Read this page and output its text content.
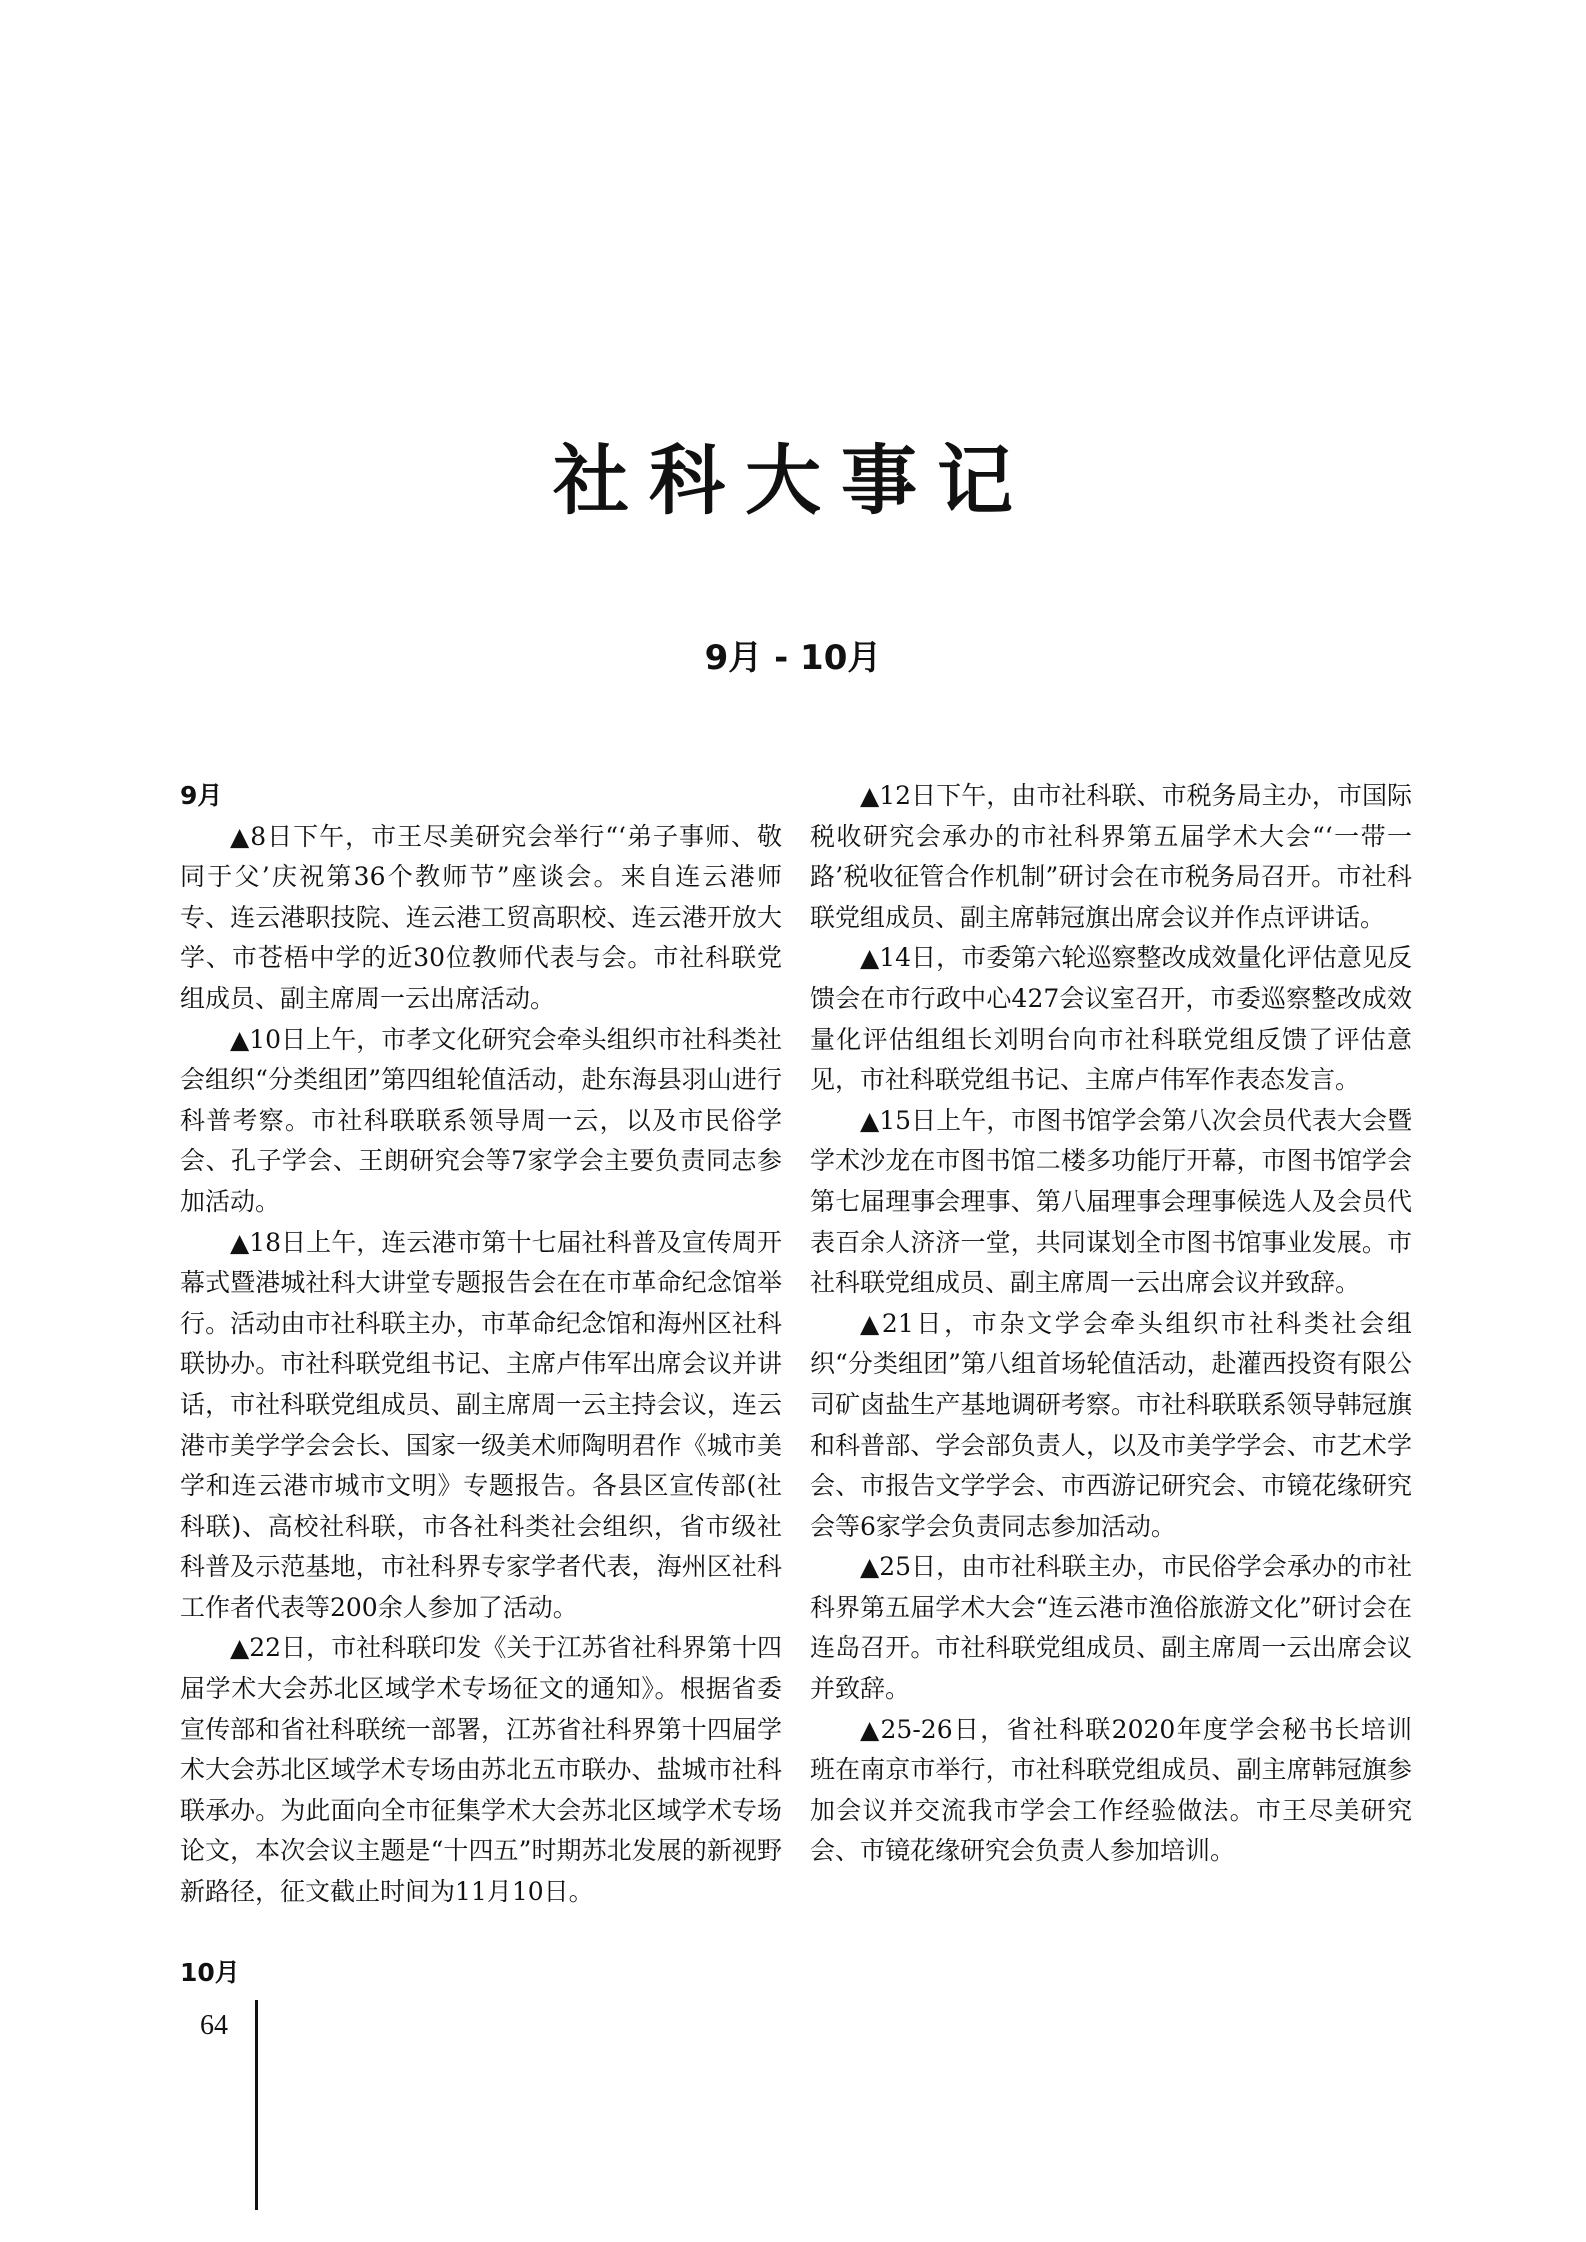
社科大事记
9月 - 10月
9月

▲8日下午，市王尽美研究会举行“‘弟子事师、敬同于父’庆祝第36个教师节”座谈会。来自连云港师专、连云港职技院、连云港工贸高职校、连云港开放大学、市苍梧中学的近30位教师代表与会。市社科联党组成员、副主席周一云出席活动。

▲10日上午，市孝文化研究会牵头组织市社科类社会组织“分类组团”第四组轮值活动，赴东海县羽山进行科普考察。市社科联联系领导周一云，以及市民俗学会、孔子学会、王朗研究会等7家学会主要负责同志参加活动。

▲18日上午，连云港市第十七届社科普及宣传周开幕式暨港城社科大讲堂专题报告会在在市革命纪念馆举行。活动由市社科联主办，市革命纪念馆和海州区社科联协办。市社科联党组书记、主席卢伟军出席会议并讲话，市社科联党组成员、副主席周一云主持会议，连云港市美学学会会长、国家一级美术师陶明君作《城市美学和连云港市城市文明》专题报告。各县区宣传部(社科联)、高校社科联，市各社科类社会组织，省市级社科普及示范基地，市社科界专家学者代表，海州区社科工作者代表等200余人参加了活动。

▲22日，市社科联印发《关于江苏省社科界第十四届学术大会苏北区域学术专场征文的通知》。根据省委宣传部和省社科联统一部署，江苏省社科界第十四届学术大会苏北区域学术专场由苏北五市联办、盐城市社科联承办。为此面向全市征集学术大会苏北区域学术专场论文，本次会议主题是“十四五”时期苏北发展的新视野新路径，征文截止时间为11月10日。

10月

▲12日下午，由市社科联、市税务局主办，市国际税收研究会承办的市社科界第五届学术大会“‘一带一路’税收征管合作机制”研讨会在市税务局召开。市社科联党组成员、副主席韩冠旗出席会议并作点评讲话。

▲14日，市委第六轮巡察整改成效量化评估意见反馈会在市行政中心427会议室召开，市委巡察整改成效量化评估组组长刘明台向市社科联党组反馈了评估意见，市社科联党组书记、主席卢伟军作表态发言。

▲15日上午，市图书馆学会第八次会员代表大会暨学术沙龙在市图书馆二楼多功能厅开幕，市图书馆学会第七届理事会理事、第八届理事会理事候选人及会员代表百余人济济一堂，共同谋划全市图书馆事业发展。市社科联党组成员、副主席周一云出席会议并致辞。

▲21日，市杂文学会牵头组织市社科类社会组织“分类组团”第八组首场轮值活动，赴灌西投资有限公司矿卤盐生产基地调研考察。市社科联联系领导韩冠旗和科普部、学会部负责人，以及市美学学会、市艺术学会、市报告文学学会、市西游记研究会、市镜花缘研究会等6家学会负责同志参加活动。

▲25日，由市社科联主办，市民俗学会承办的市社科界第五届学术大会“连云港市渔俗旅游文化”研讨会在连岛召开。市社科联党组成员、副主席周一云出席会议并致辞。

▲25-26日，省社科联2020年度学会秘书长培训班在南京市举行，市社科联党组成员、副主席韩冠旗参加会议并交流我市学会工作经验做法。市王尽美研究会、市镜花缘研究会负责人参加培训。

64
